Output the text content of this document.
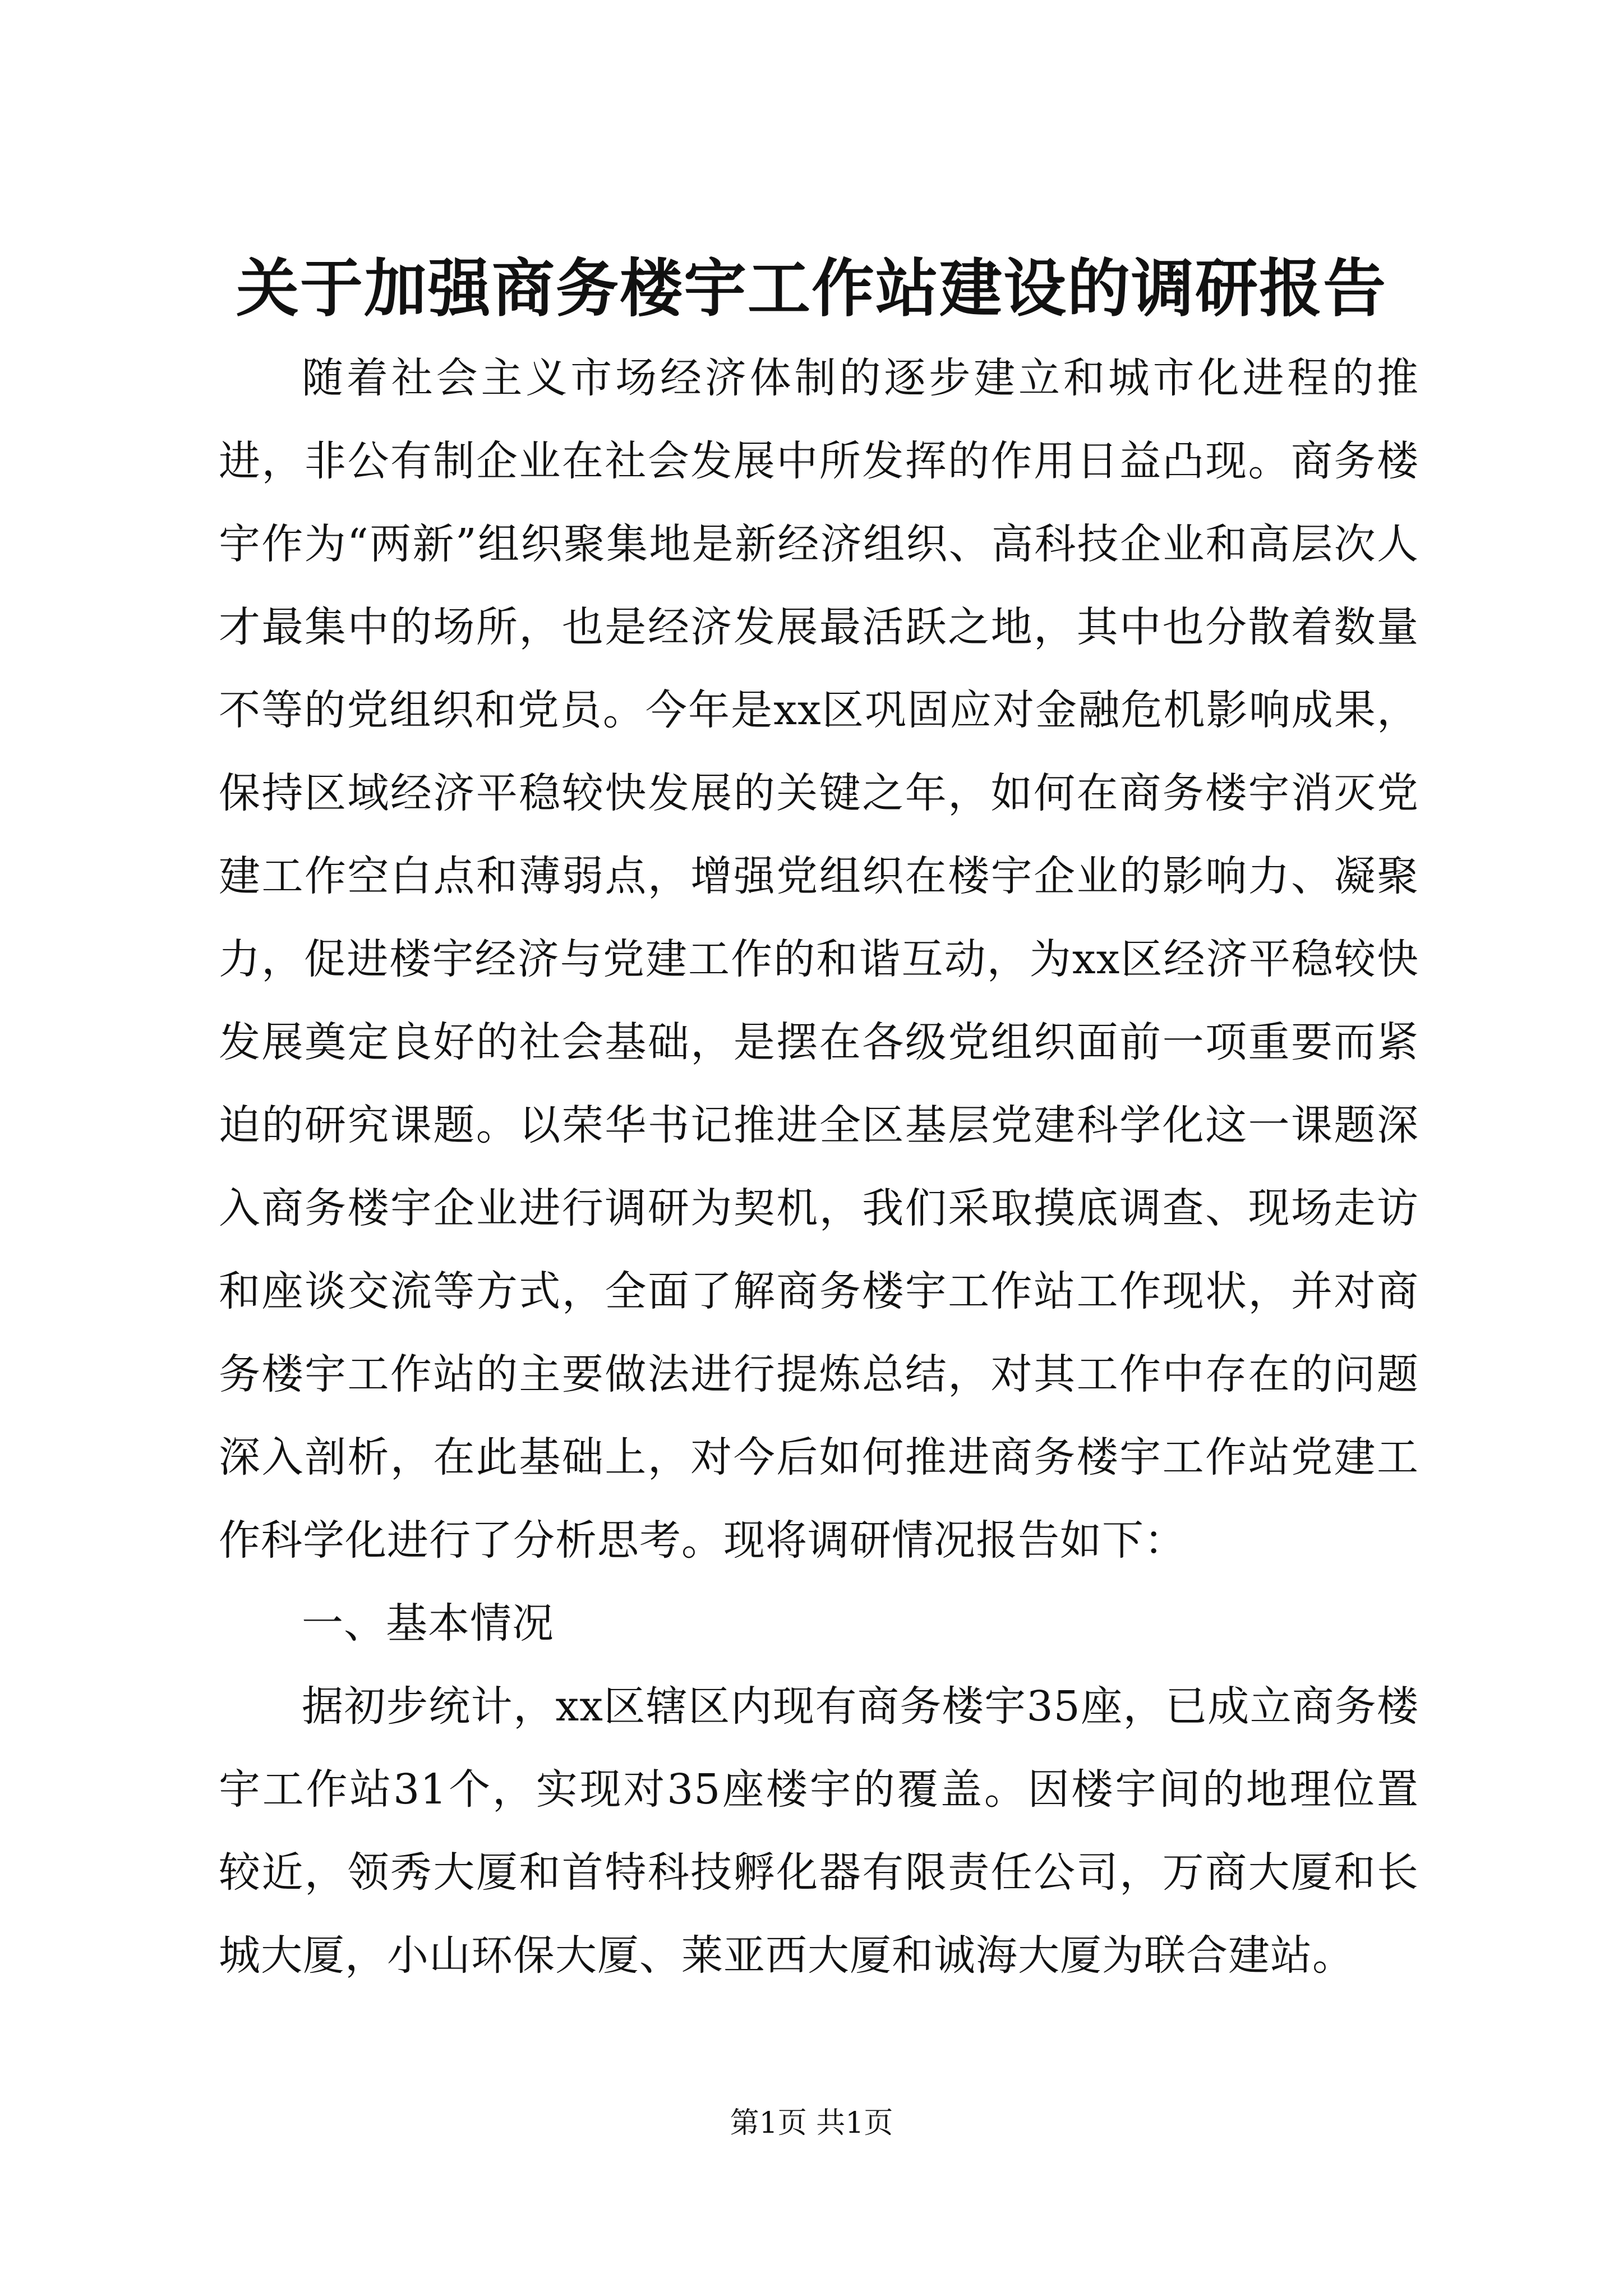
关于加强商务楼宇工作站建设的调研报告

随着社会主义市场经济体制的逐步建立和城市化进程的推进，非公有制企业在社会发展中所发挥的作用日益凸现。商务楼宇作为“两新”组织聚集地是新经济组织、高科技企业和高层次人才最集中的场所，也是经济发展最活跃之地，其中也分散着数量不等的党组织和党员。今年是xx区巩固应对金融危机影响成果，保持区域经济平稳较快发展的关键之年，如何在商务楼宇消灭党建工作空白点和薄弱点，增强党组织在楼宇企业的影响力、凝聚力，促进楼宇经济与党建工作的和谐互动，为xx区经济平稳较快发展奠定良好的社会基础，是摆在各级党组织面前一项重要而紧迫的研究课题。以荣华书记推进全区基层党建科学化这一课题深入商务楼宇企业进行调研为契机，我们采取摸底调查、现场走访和座谈交流等方式，全面了解商务楼宇工作站工作现状，并对商务楼宇工作站的主要做法进行提炼总结，对其工作中存在的问题深入剖析，在此基础上，对今后如何推进商务楼宇工作站党建工作科学化进行了分析思考。现将调研情况报告如下：

一、基本情况

据初步统计，xx区辖区内现有商务楼宇35座，已成立商务楼宇工作站31个，实现对35座楼宇的覆盖。因楼宇间的地理位置较近，领秀大厦和首特科技孵化器有限责任公司，万商大厦和长城大厦，小山环保大厦、莱亚西大厦和诚海大厦为联合建站。

第1页 共1页
